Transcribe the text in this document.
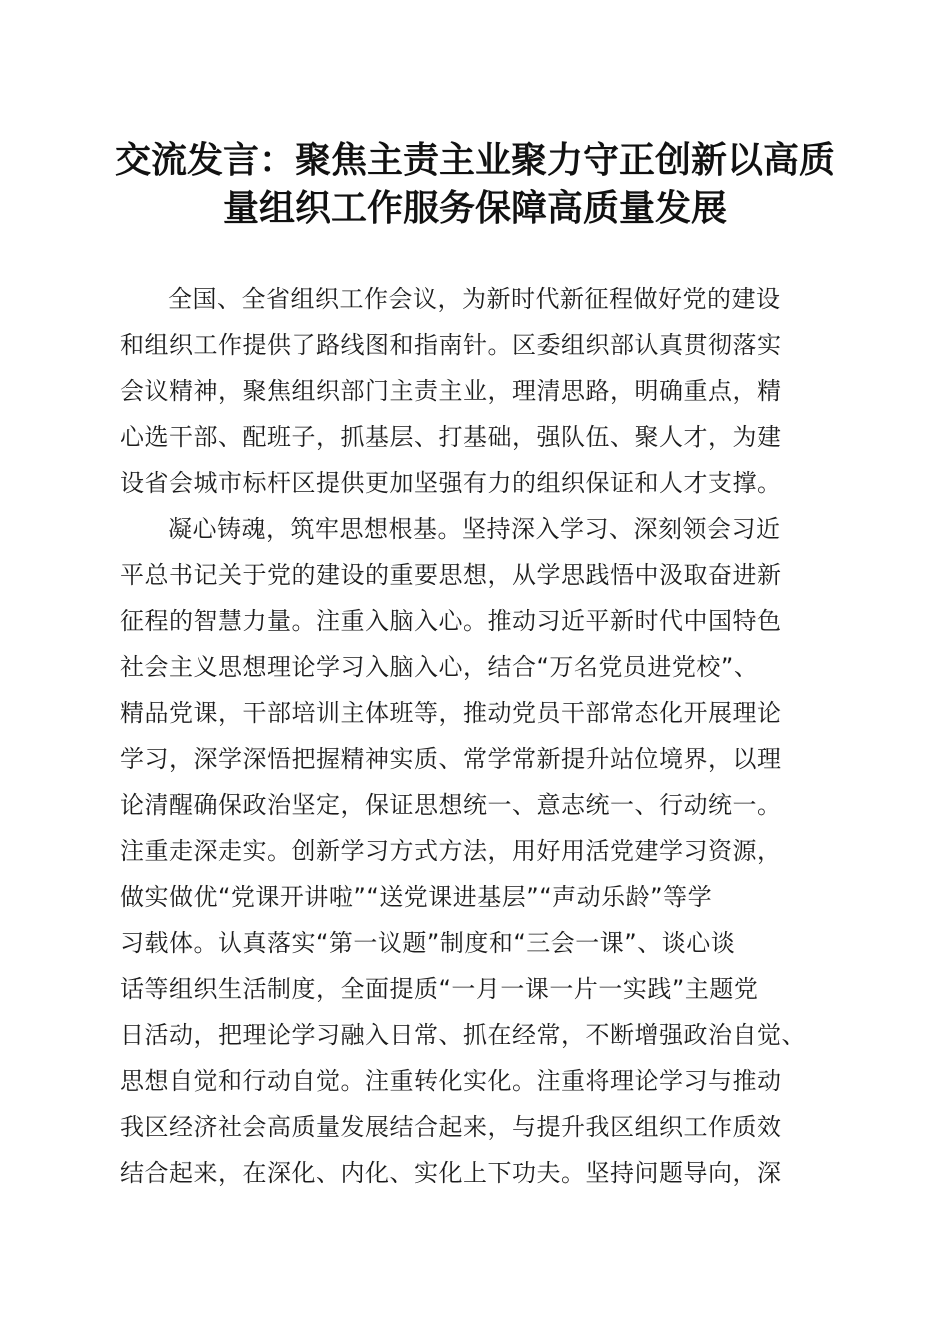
交流发言：聚焦主责主业聚力守正创新以高质
量组织工作服务保障高质量发展
全国、全省组织工作会议，为新时代新征程做好党的建设
和组织工作提供了路线图和指南针。区委组织部认真贯彻落实
会议精神，聚焦组织部门主责主业，理清思路，明确重点，精
心选干部、配班子，抓基层、打基础，强队伍、聚人才，为建
设省会城市标杆区提供更加坚强有力的组织保证和人才支撑。
凝心铸魂，筑牢思想根基。坚持深入学习、深刻领会习近
平总书记关于党的建设的重要思想，从学思践悟中汲取奋进新
征程的智慧力量。注重入脑入心。推动习近平新时代中国特色
社会主义思想理论学习入脑入心，结合“万名党员进党校”、
精品党课，干部培训主体班等，推动党员干部常态化开展理论
学习，深学深悟把握精神实质、常学常新提升站位境界，以理
论清醒确保政治坚定，保证思想统一、意志统一、行动统一。
注重走深走实。创新学习方式方法，用好用活党建学习资源，
做实做优“党课开讲啦”“送党课进基层”“声动乐龄”等学
习载体。认真落实“第一议题”制度和“三会一课”、谈心谈
话等组织生活制度，全面提质“一月一课一片一实践”主题党
日活动，把理论学习融入日常、抓在经常，不断增强政治自觉、
思想自觉和行动自觉。注重转化实化。注重将理论学习与推动
我区经济社会高质量发展结合起来，与提升我区组织工作质效
结合起来，在深化、内化、实化上下功夫。坚持问题导向，深
